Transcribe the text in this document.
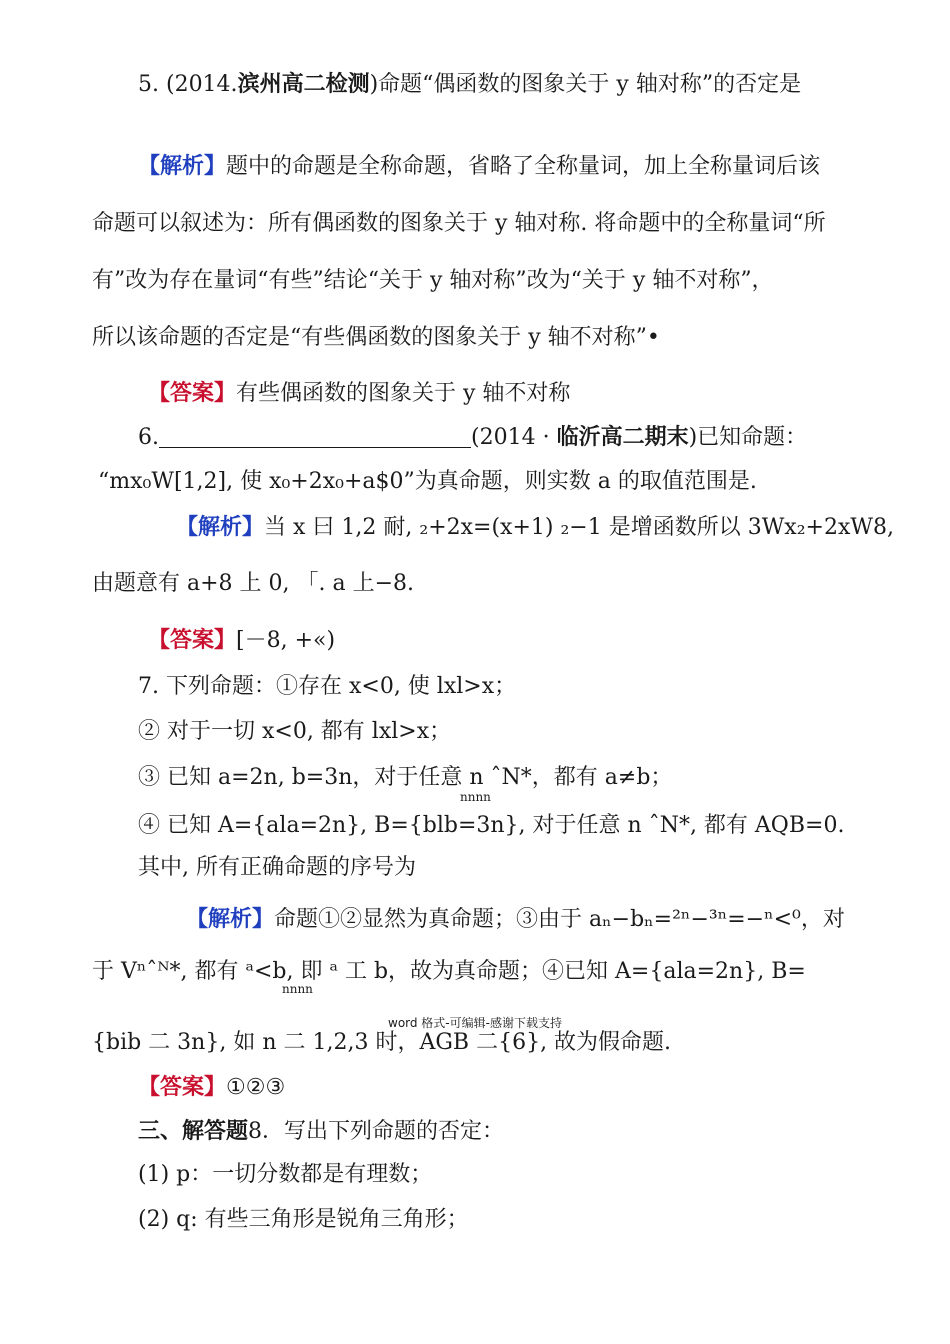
5. (2014.滨州高二检测)命题“偶函数的图象关于 y 轴对称”的否定是
【解析】题中的命题是全称命题，省略了全称量词，加上全称量词后该
命题可以叙述为：所有偶函数的图象关于 y 轴对称. 将命题中的全称量词“所
有”改为存在量词“有些”结论“关于 y 轴对称”改为“关于 y 轴不对称”，
所以该命题的否定是“有些偶函数的图象关于 y 轴不对称”•
【答案】有些偶函数的图象关于 y 轴不对称
6.	(2014 · 临沂高二期末)已知命题：
“mx₀W[1,2], 使 x₀+2x₀+a$0”为真命题，则实数 a 的取值范围是.
【解析】当 x 曰 1,2 耐, ₂+2x=(x+1) ₂−1 是增函数所以 3Wx₂+2xW8,
由题意有 a+8 上 0, 「. a 上−8.
【答案】[－8, +«)
7. 下列命题：①存在 x<0, 使 lxl>x；
② 对于一切 x<0, 都有 lxl>x；
③ 已知 a=2n, b=3n，对于任意 n ˆN*，都有 a≠b；
nnnn
④ 已知 A={ala=2n}, B={blb=3n}, 对于任意 n ˆN*, 都有 AQB=0.
其中, 所有正确命题的序号为
【解析】命题①②显然为真命题；③由于 aₙ−bₙ=²ⁿ−³ⁿ=−ⁿ<⁰，对
于 Vⁿˆᴺ*, 都有 ᵃ<b, 即 ᵃ 工 b，故为真命题；④已知 A={ala=2n}, B=
nnnn
word 格式-可编辑-感谢下载支持
{bib 二 3n}, 如 n 二 1,2,3 时，AGB 二{6}, 故为假命题.
【答案】①②③
三、解答题8．写出下列命题的否定：
(1) p：一切分数都是有理数；
(2) q: 有些三角形是锐角三角形；
